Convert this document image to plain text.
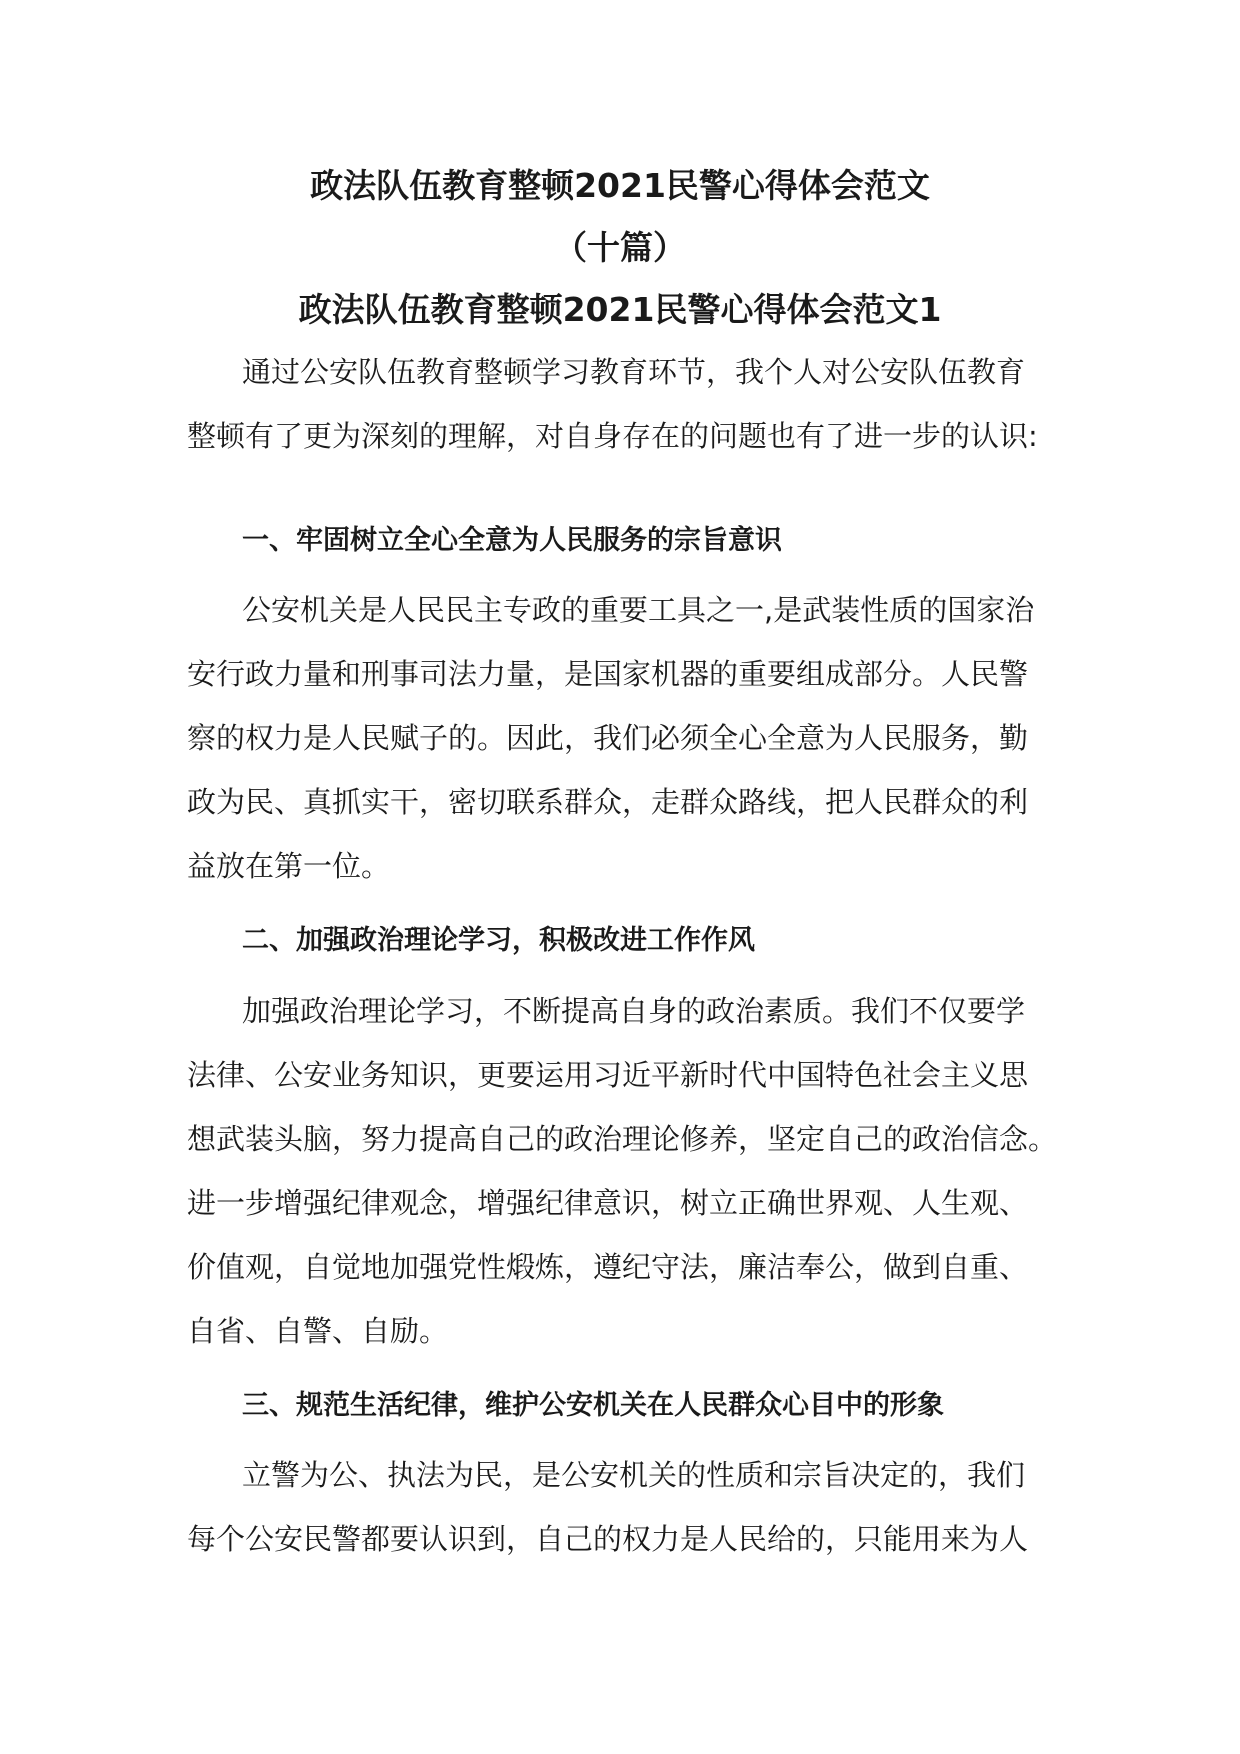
政法队伍教育整顿2021民警心得体会范文
（十篇）
政法队伍教育整顿2021民警心得体会范文1

通过公安队伍教育整顿学习教育环节，我个人对公安队伍教育
整顿有了更为深刻的理解，对自身存在的问题也有了进一步的认识:

一、牢固树立全心全意为人民服务的宗旨意识

公安机关是人民民主专政的重要工具之一,是武装性质的国家治
安行政力量和刑事司法力量，是国家机器的重要组成部分。人民警
察的权力是人民赋子的。因此，我们必须全心全意为人民服务，勤
政为民、真抓实干，密切联系群众，走群众路线，把人民群众的利
益放在第一位。

二、加强政治理论学习，积极改进工作作风

加强政治理论学习，不断提高自身的政治素质。我们不仅要学
法律、公安业务知识，更要运用习近平新时代中国特色社会主义思
想武装头脑，努力提高自己的政治理论修养，坚定自己的政治信念。
进一步增强纪律观念，增强纪律意识，树立正确世界观、人生观、
价值观，自觉地加强党性煅炼，遵纪守法，廉洁奉公，做到自重、
自省、自警、自励。

三、规范生活纪律，维护公安机关在人民群众心目中的形象

立警为公、执法为民，是公安机关的性质和宗旨决定的，我们
每个公安民警都要认识到，自己的权力是人民给的，只能用来为人
